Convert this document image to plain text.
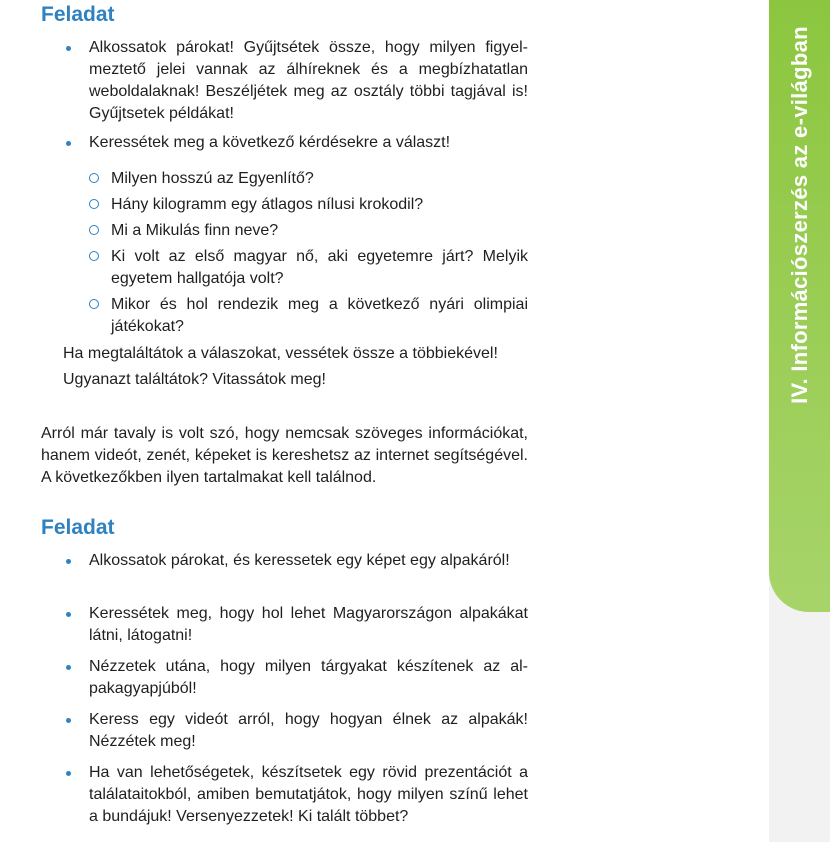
IV. Információszerzés az e-világban
Feladat
Alkossatok párokat! Gyűjtsétek össze, hogy milyen figyelmeztető jelei vannak az álhíreknek és a megbízhatatlan weboldalaknak! Beszéljétek meg az osztály többi tagjával is! Gyűjtsetek példákat!
Keressétek meg a következő kérdésekre a választ!
Milyen hosszú az Egyenlítő?
Hány kilogramm egy átlagos nílusi krokodil?
Mi a Mikulás finn neve?
Ki volt az első magyar nő, aki egyetemre járt? Melyik egyetem hallgatója volt?
Mikor és hol rendezik meg a következő nyári olimpiai játékokat?

Ha megtaláltátok a válaszokat, vessétek össze a többiekével!

Ugyanazt találtátok? Vitassátok meg!

Arról már tavaly is volt szó, hogy nemcsak szöveges információkat, hanem videót, zenét, képeket is kereshetsz az internet segítségével. A következőkben ilyen tartalmakat kell találnod.

Feladat
Alkossatok párokat, és keressetek egy képet egy alpakáról!
Keressétek meg, hogy hol lehet Magyarországon alpakákat látni, látogatni!
Nézzetek utána, hogy milyen tárgyakat készítenek az alpakagyapjúból!
Keress egy videót arról, hogy hogyan élnek az alpakák! Nézzétek meg!
Ha van lehetőségetek, készítsetek egy rövid prezentációt a találataitokból, amiben bemutatjátok, hogy milyen színű lehet a bundájuk! Versenyezzetek! Ki talált többet?
